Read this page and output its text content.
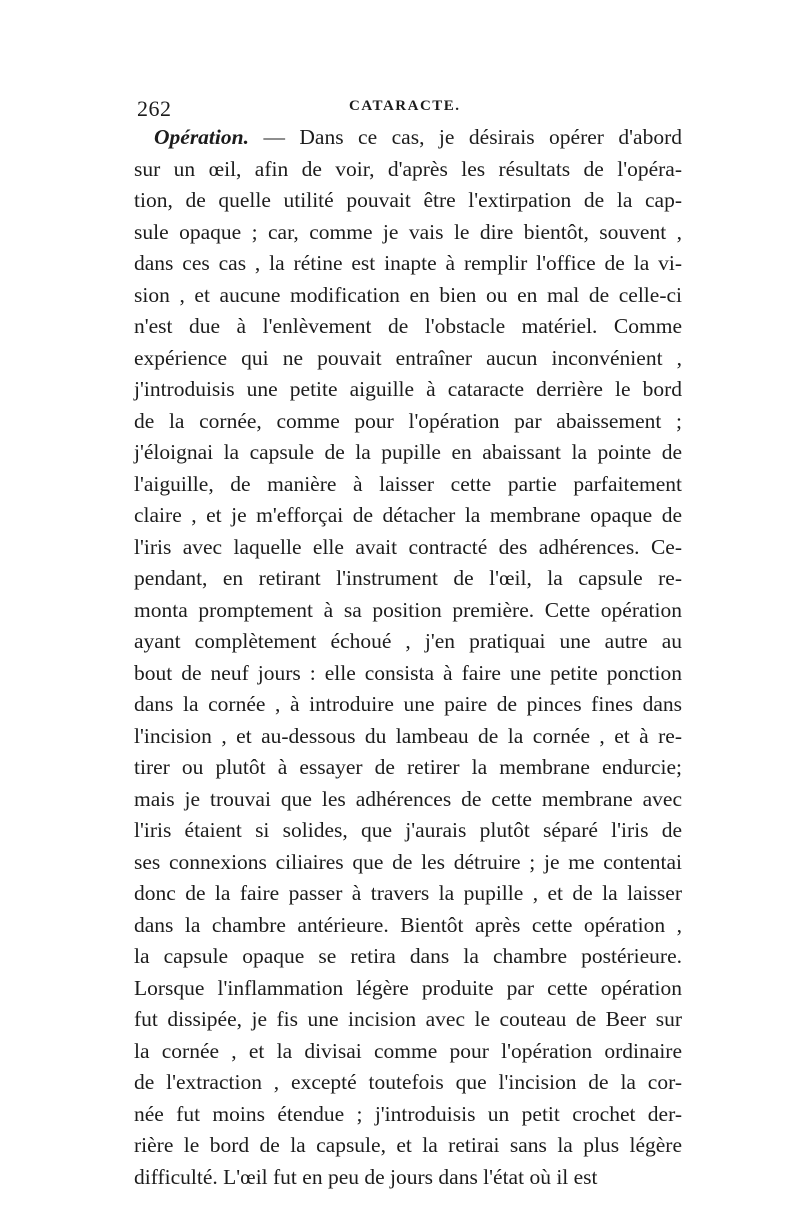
262	CATARACTE.
Opération. — Dans ce cas, je désirais opérer d'abord
sur un œil, afin de voir, d'après les résultats de l'opéra-
tion, de quelle utilité pouvait être l'extirpation de la cap-
sule opaque ; car, comme je vais le dire bientôt, souvent ,
dans ces cas , la rétine est inapte à remplir l'office de la vi-
sion , et aucune modification en bien ou en mal de celle-ci
n'est due à l'enlèvement de l'obstacle matériel. Comme
expérience qui ne pouvait entraîner aucun inconvénient ,
j'introduisis une petite aiguille à cataracte derrière le bord
de la cornée, comme pour l'opération par abaissement ;
j'éloignai la capsule de la pupille en abaissant la pointe de
l'aiguille, de manière à laisser cette partie parfaitement
claire , et je m'efforçai de détacher la membrane opaque de
l'iris avec laquelle elle avait contracté des adhérences. Ce-
pendant, en retirant l'instrument de l'œil, la capsule re-
monta promptement à sa position première. Cette opération
ayant complètement échoué , j'en pratiquai une autre au
bout de neuf jours : elle consista à faire une petite ponction
dans la cornée , à introduire une paire de pinces fines dans
l'incision , et au-dessous du lambeau de la cornée , et à re-
tirer ou plutôt à essayer de retirer la membrane endurcie;
mais je trouvai que les adhérences de cette membrane avec
l'iris étaient si solides, que j'aurais plutôt séparé l'iris de
ses connexions ciliaires que de les détruire ; je me contentai
donc de la faire passer à travers la pupille , et de la laisser
dans la chambre antérieure. Bientôt après cette opération ,
la capsule opaque se retira dans la chambre postérieure.
Lorsque l'inflammation légère produite par cette opération
fut dissipée, je fis une incision avec le couteau de Beer sur
la cornée , et la divisai comme pour l'opération ordinaire
de l'extraction , excepté toutefois que l'incision de la cor-
née fut moins étendue ; j'introduisis un petit crochet der-
rière le bord de la capsule, et la retirai sans la plus légère
difficulté. L'œil fut en peu de jours dans l'état où il est
